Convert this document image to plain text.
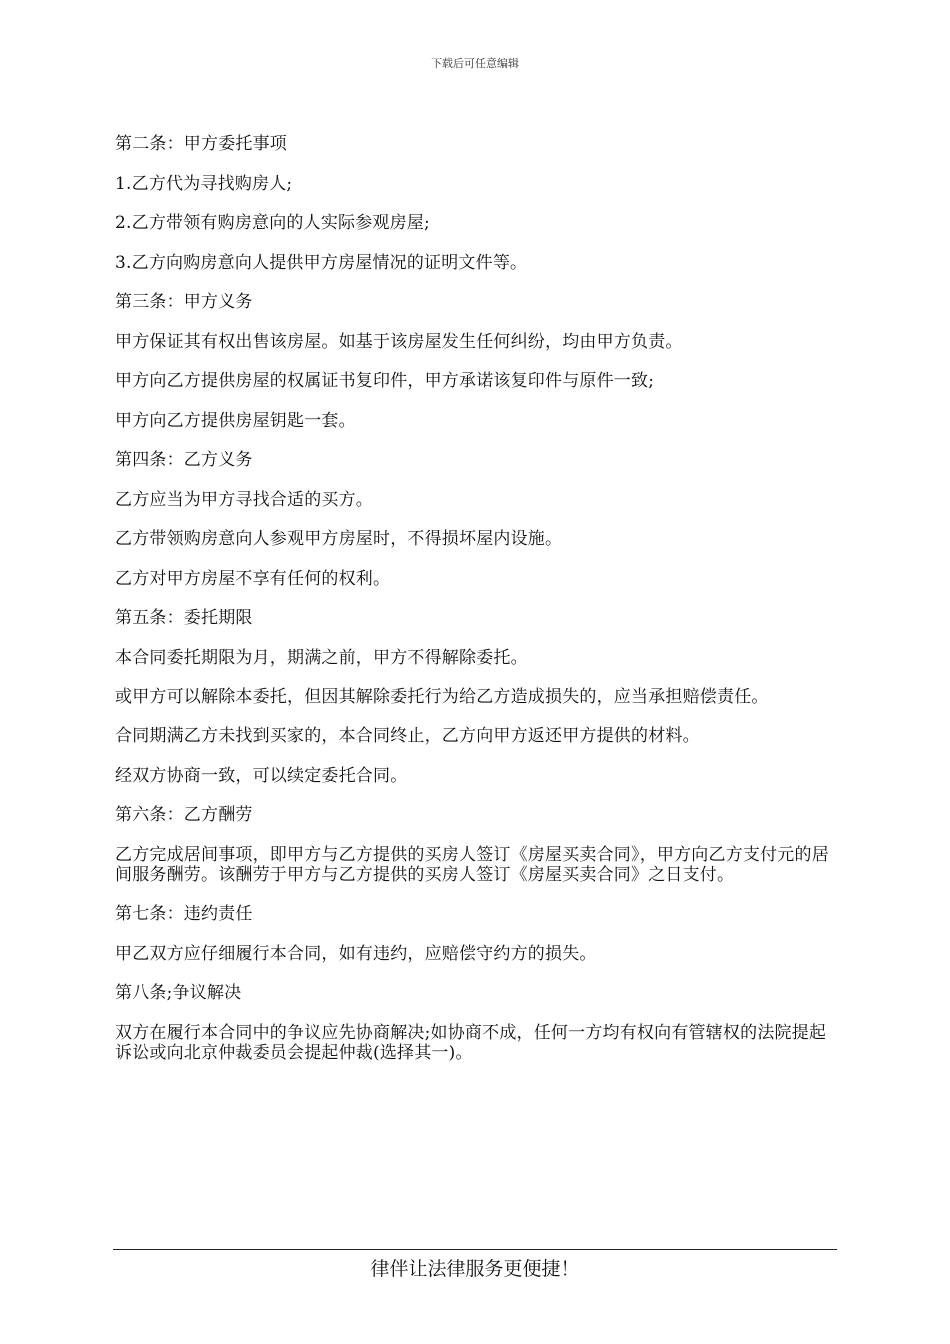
下载后可任意编辑

第二条：甲方委托事项

1.乙方代为寻找购房人;

2.乙方带领有购房意向的人实际参观房屋;

3.乙方向购房意向人提供甲方房屋情况的证明文件等。

第三条：甲方义务

甲方保证其有权出售该房屋。如基于该房屋发生任何纠纷，均由甲方负责。

甲方向乙方提供房屋的权属证书复印件，甲方承诺该复印件与原件一致;

甲方向乙方提供房屋钥匙一套。

第四条：乙方义务

乙方应当为甲方寻找合适的买方。

乙方带领购房意向人参观甲方房屋时，不得损坏屋内设施。

乙方对甲方房屋不享有任何的权利。

第五条：委托期限

本合同委托期限为月，期满之前，甲方不得解除委托。

或甲方可以解除本委托，但因其解除委托行为给乙方造成损失的，应当承担赔偿责任。

合同期满乙方未找到买家的，本合同终止，乙方向甲方返还甲方提供的材料。

经双方协商一致，可以续定委托合同。

第六条：乙方酬劳

乙方完成居间事项，即甲方与乙方提供的买房人签订《房屋买卖合同》，甲方向乙方支付元的居间服务酬劳。该酬劳于甲方与乙方提供的买房人签订《房屋买卖合同》之日支付。

第七条：违约责任

甲乙双方应仔细履行本合同，如有违约，应赔偿守约方的损失。

第八条;争议解决

双方在履行本合同中的争议应先协商解决;如协商不成，任何一方均有权向有管辖权的法院提起诉讼或向北京仲裁委员会提起仲裁(选择其一)。

律伴让法律服务更便捷！
